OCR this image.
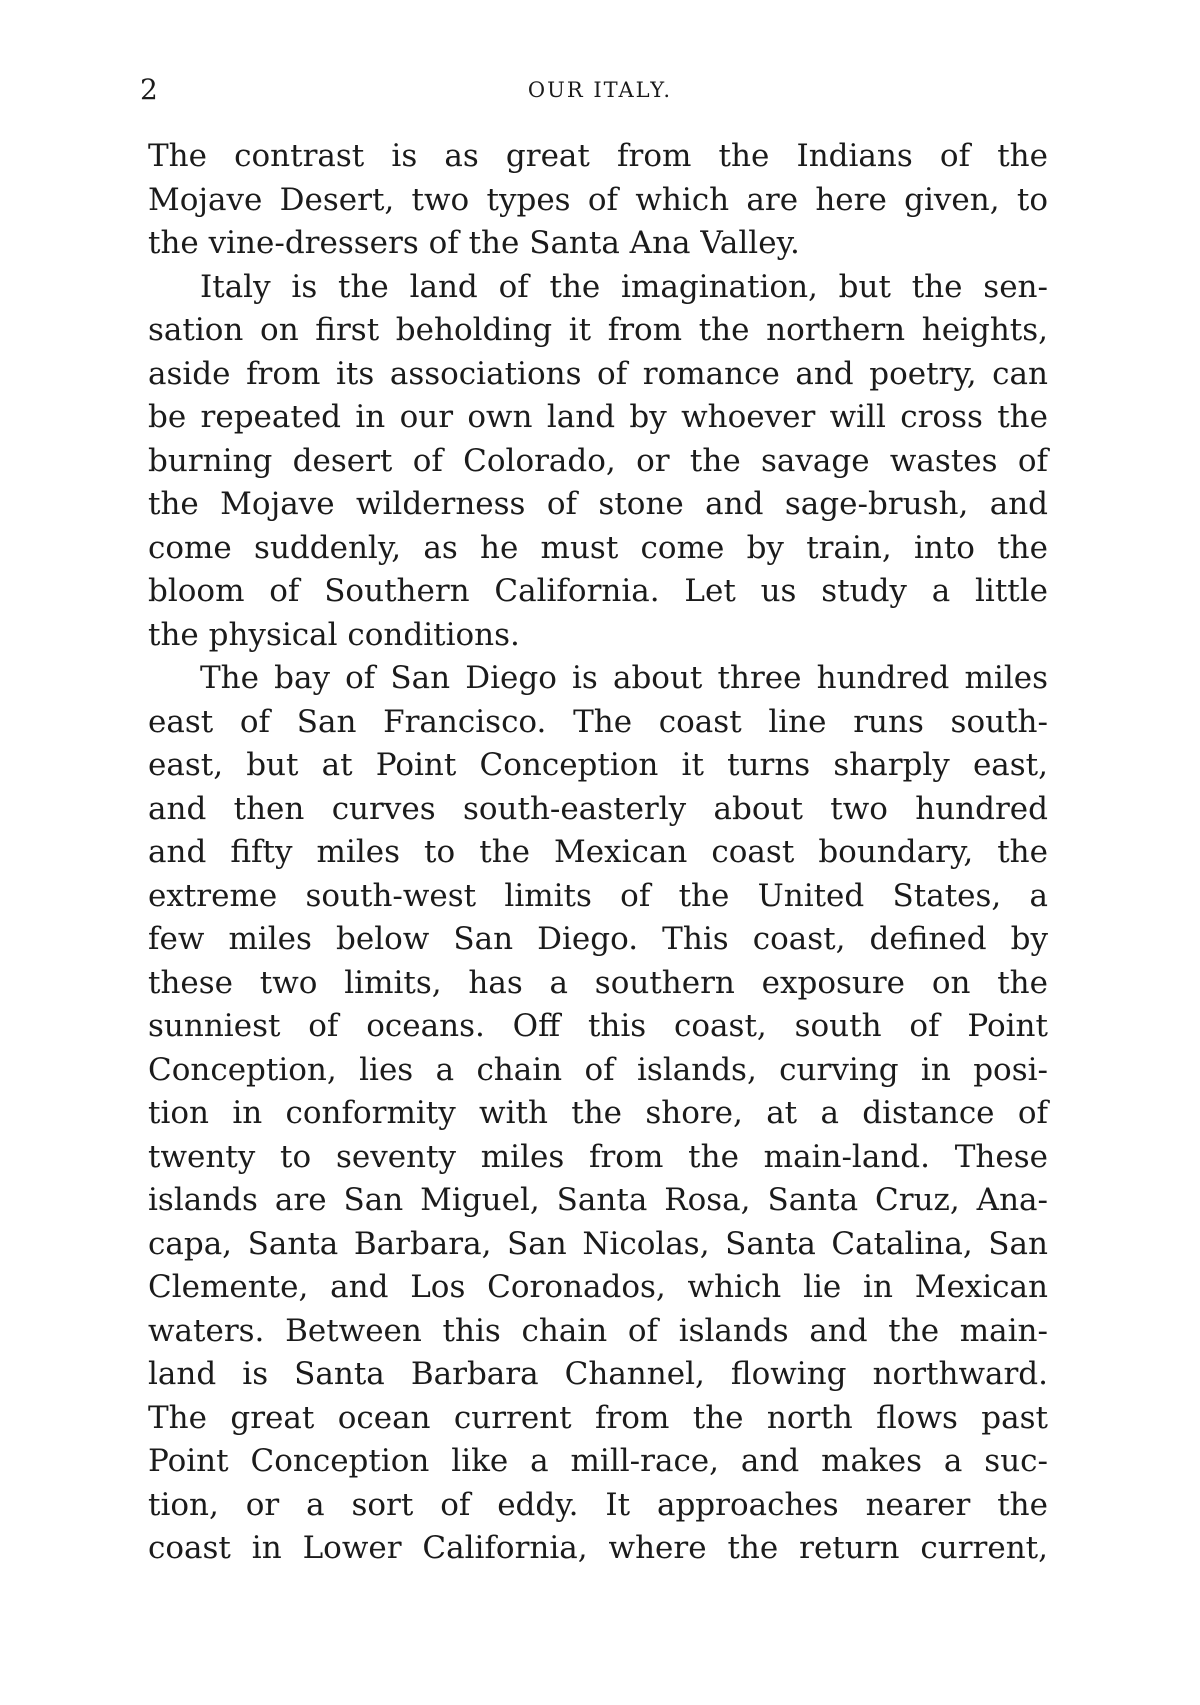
2	OUR ITALY.
The contrast is as great from the Indians of the
Mojave Desert, two types of which are here given, to
the vine-dressers of the Santa Ana Valley.
Italy is the land of the imagination, but the sen-
sation on first beholding it from the northern heights,
aside from its associations of romance and poetry, can
be repeated in our own land by whoever will cross the
burning desert of Colorado, or the savage wastes of
the Mojave wilderness of stone and sage-brush, and
come suddenly, as he must come by train, into the
bloom of Southern California. Let us study a little
the physical conditions.
The bay of San Diego is about three hundred miles
east of San Francisco. The coast line runs south-
east, but at Point Conception it turns sharply east,
and then curves south-easterly about two hundred
and fifty miles to the Mexican coast boundary, the
extreme south-west limits of the United States, a
few miles below San Diego. This coast, defined by
these two limits, has a southern exposure on the
sunniest of oceans. Off this coast, south of Point
Conception, lies a chain of islands, curving in posi-
tion in conformity with the shore, at a distance of
twenty to seventy miles from the main-land. These
islands are San Miguel, Santa Rosa, Santa Cruz, Ana-
capa, Santa Barbara, San Nicolas, Santa Catalina, San
Clemente, and Los Coronados, which lie in Mexican
waters. Between this chain of islands and the main-
land is Santa Barbara Channel, flowing northward.
The great ocean current from the north flows past
Point Conception like a mill-race, and makes a suc-
tion, or a sort of eddy. It approaches nearer the
coast in Lower California, where the return current,
